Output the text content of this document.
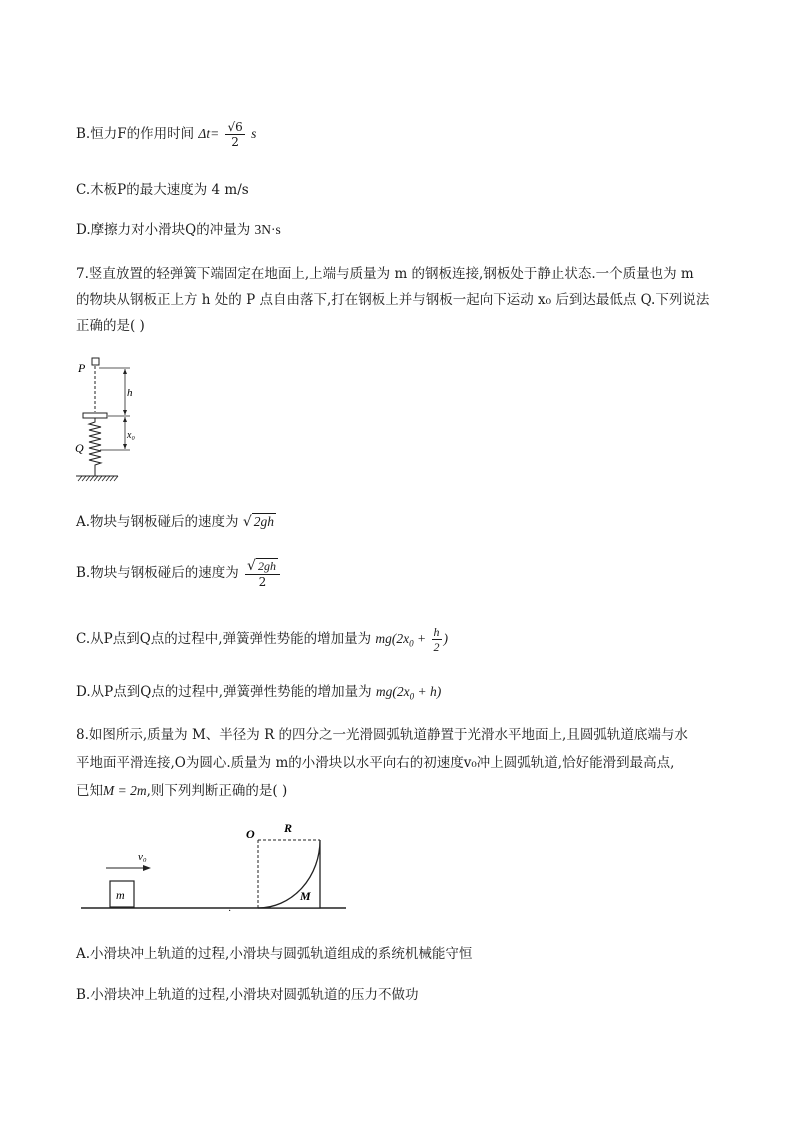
B.恒力F的作用时间 $\Delta t= \frac{√6}{2}$ s
C.木板P的最大速度为 4 m/s
D.摩擦力对小滑块Q的冲量为 3N·s
7.竖直放置的轻弹簧下端固定在地面上,上端与质量为 m 的钢板连接,钢板处于静止状态.一个质量也为 m
的物块从钢板正上方 h 处的 P 点自由落下,打在钢板上并与钢板一起向下运动 x₀ 后到达最低点 Q.下列说法
正确的是( )
P
h
x₀
Q
A.物块与钢板碰后的速度为 √ 2gh
B.物块与钢板碰后的速度为 $\frac{√ 2gh}{2}$
C.从P点到Q点的过程中,弹簧弹性势能的增加量为 $mg(2x_0 + \frac{h}{2}$ )
D.从P点到Q点的过程中,弹簧弹性势能的增加量为 $mg(2x_0 + h)$
8.如图所示,质量为 M、半径为 R 的四分之一光滑圆弧轨道静置于光滑水平地面上,且圆弧轨道底端与水
平地面平滑连接,O为圆心.质量为 m的小滑块以水平向右的初速度v₀冲上圆弧轨道,恰好能滑到最高点,
已知M = 2m,则下列判断正确的是( )
v₀
m
·
O R
M
A.小滑块冲上轨道的过程,小滑块与圆弧轨道组成的系统机械能守恒
B.小滑块冲上轨道的过程,小滑块对圆弧轨道的压力不做功
